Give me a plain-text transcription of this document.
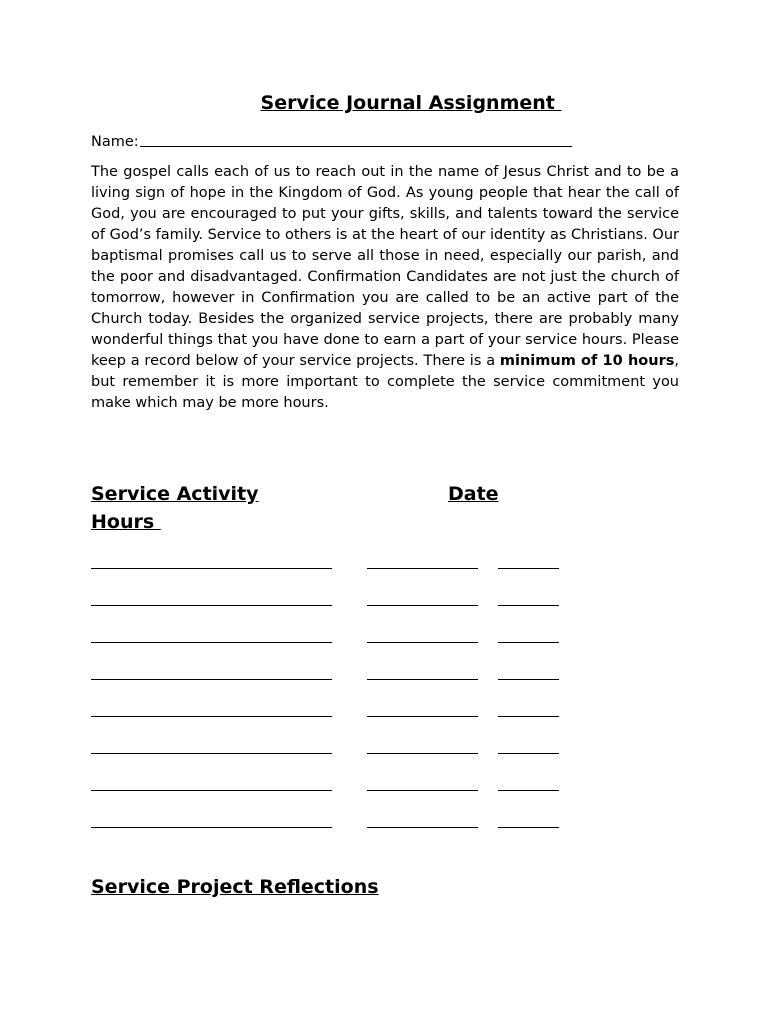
Service Journal Assignment
Name:

The gospel calls each of us to reach out in the name of Jesus Christ and to be a living sign of hope in the Kingdom of God. As young people that hear the call of God, you are encouraged to put your gifts, skills, and talents toward the service of God’s family. Service to others is at the heart of our identity as Christians. Our baptismal promises call us to serve all those in need, especially our parish, and the poor and disadvantaged. Confirmation Candidates are not just the church of tomorrow, however in Confirmation you are called to be an active part of the Church today. Besides the organized service projects, there are probably many wonderful things that you have done to earn a part of your service hours. Please keep a record below of your service projects. There is a minimum of 10 hours, but remember it is more important to complete the service commitment you make which may be more hours.

Service Activity	Date
Hours
Service Project Reflections
